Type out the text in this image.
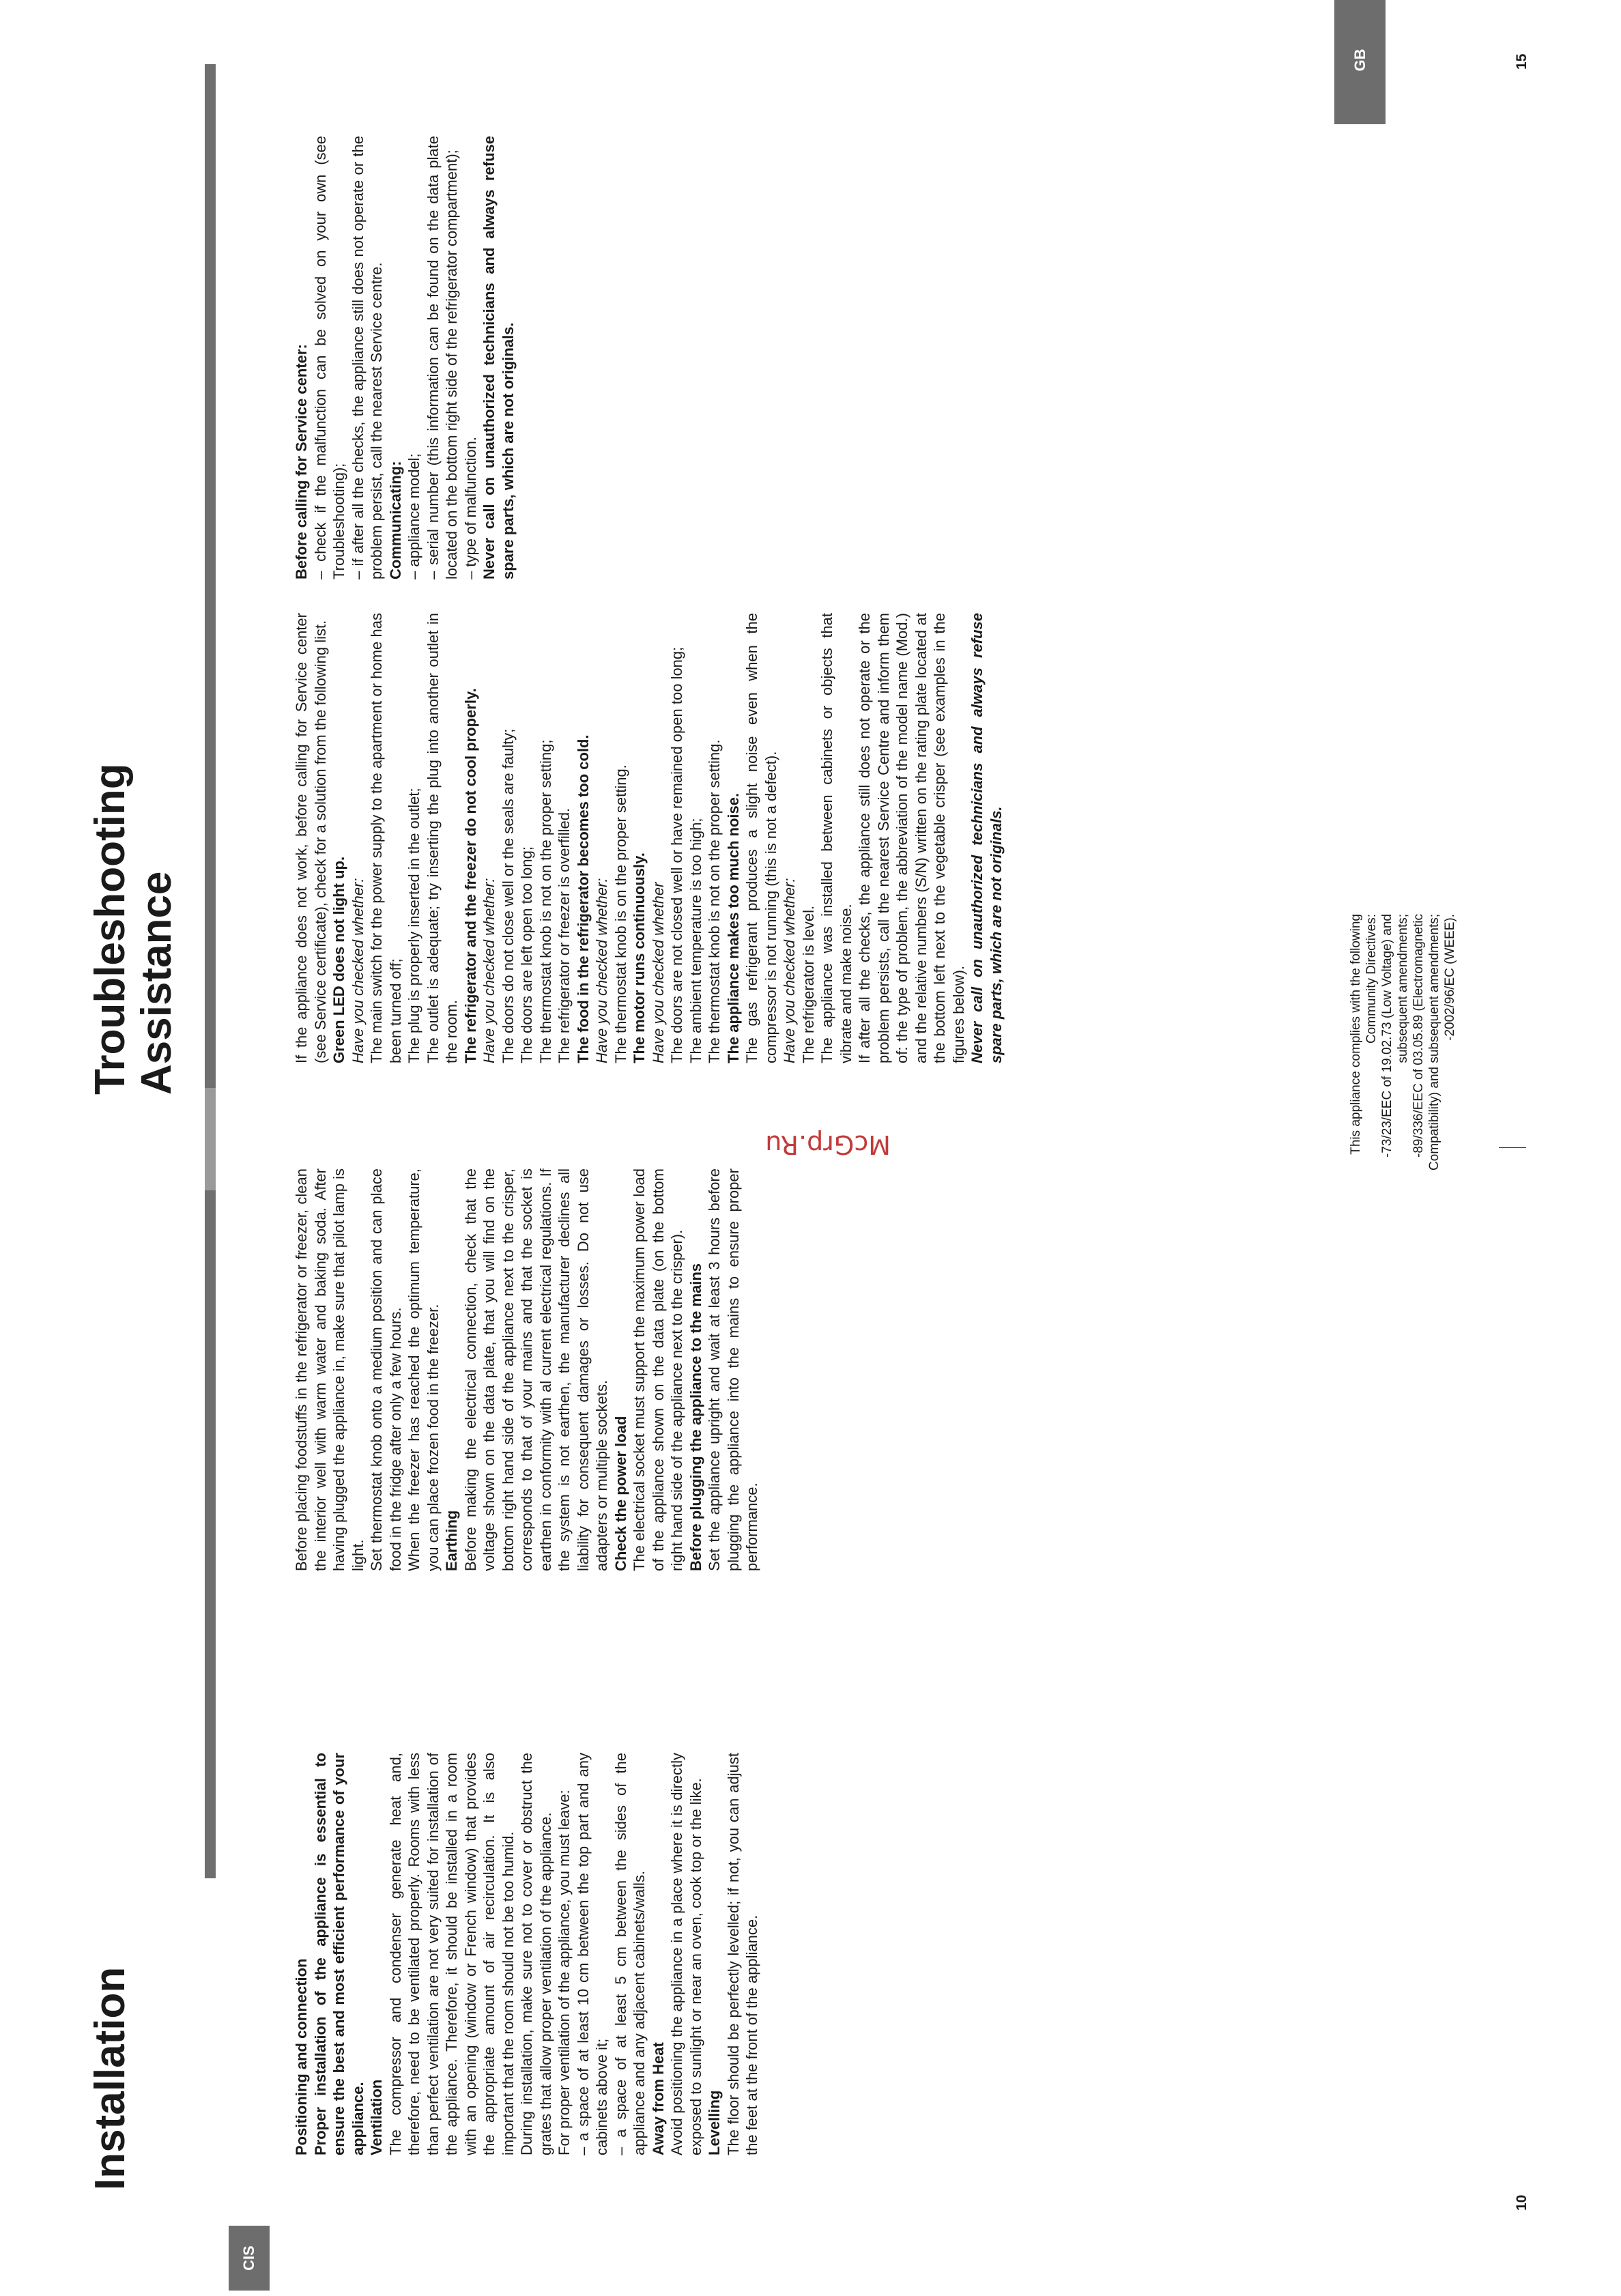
CIS
Installation	Positioning and connection Proper installation of the appliance is essential to ensure the best and most efficient performance of your appliance. Ventilation The compressor and condenser generate heat and, therefore, need to be ventilated properly. Rooms with less than perfect ventilation are not very suited for installation of the appliance. Therefore, it should be installed in a room with an opening (window or French window) that provides the appropriate amount of air recirculation. It is also important that the room should not be too humid. During installation, make sure not to cover or obstruct the grates that allow proper ventilation of the appliance. For proper ventilation of the appliance, you must leave: – a space of at least 10 cm between the top part and any cabinets above it; – a space of at least 5 cm between the sides of the appliance and any adjacent cabinets/walls. Away from Heat Avoid positioning the appliance in a place where it is directly exposed to sunlight or near an oven, cook top or the like. Levelling The floor should be perfectly levelled; if not, you can adjust the feet at the front of the appliance.

Before placing foodstuffs in the refrigerator or freezer, clean the interior well with warm water and baking soda. After having plugged the appliance in, make sure that pilot lamp is light. Set thermostat knob onto a medium position and can place food in the fridge after only a few hours. When the freezer has reached the optimum temperature, you can place frozen food in the freezer. Earthing Before making the electrical connection, check that the voltage shown on the data plate, that you will find on the bottom right hand side of the appliance next to the crisper, corresponds to that of your mains and that the socket is earthen in conformity with al current electrical regulations. If the system is not earthen, the manufacturer declines all liability for consequent damages or losses. Do not use adapters or multiple sockets. Check the power load The electrical socket must support the maximum power load of the appliance shown on the data plate (on the bottom right hand side of the appliance next to the crisper). Before plugging the appliance to the mains Set the appliance upright and wait at least 3 hours before plugging the appliance into the mains to ensure proper performance.

This appliance complies with the following Community Directives: -73/23/EEC of 19.02.73 (Low Voltage) and subsequent amendments; -89/336/EEC of 03.05.89 (Electromagnetic Compatibility) and subsequent amendments; -2002/96/EC (WEEE).
10
McGrp.Ru
GB
Troubleshooting Assistance	If the appliance does not work, before calling for Service center (see Service certificate), check for a solution from the following list. Green LED does not light up. Have you checked whether: The main switch for the power supply to the apartment or home has been turned off; The plug is properly inserted in the outlet; The outlet is adequate; try inserting the plug into another outlet in the room. The refrigerator and the freezer do not cool properly. Have you checked whether: The doors do not close well or the seals are faulty; The doors are left open too long; The thermostat knob is not on the proper setting; The refrigerator or freezer is overfilled. The food in the refrigerator becomes too cold. Have you checked whether: The thermostat knob is on the proper setting. The motor runs continuously. Have you checked whether The doors are not closed well or have remained open too long; The ambient temperature is too high; The thermostat knob is not on the proper setting. The appliance makes too much noise. The gas refrigerant produces a slight noise even when the compressor is not running (this is not a defect). Have you checked whether: The refrigerator is level. The appliance was installed between cabinets or objects that vibrate and make noise. If after all the checks, the appliance still does not operate or the problem persists, call the nearest Service Centre and inform them of: the type of problem, the abbreviation of the model name (Mod.) and the relative numbers (S/N) written on the rating plate located at the bottom left next to the vegetable crisper (see examples in the figures below). Never call on unauthorized technicians and always refuse spare parts, which are not originals.

Before calling for Service center: – check if the malfunction can be solved on your own (see Troubleshooting); – if after all the checks, the appliance still does not operate or the problem persist, call the nearest Service centre. Communicating: – appliance model; – serial number (this information can be found on the data plate located on the bottom right side of the refrigerator compartment); – type of malfunction. Never call on unauthorized technicians and always refuse spare parts, which are not originals.

15
